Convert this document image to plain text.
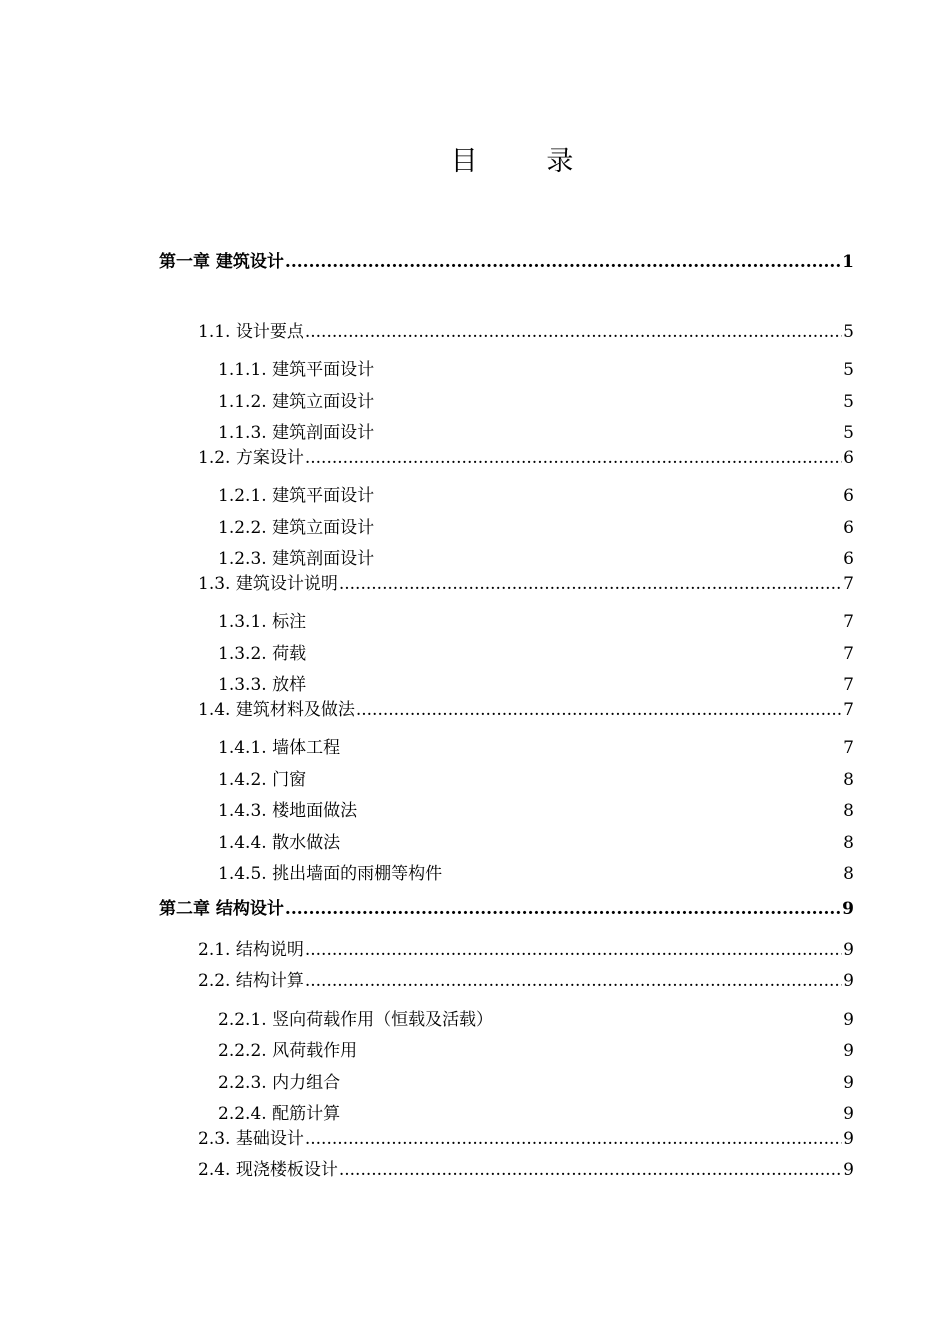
目        录
第一章 建筑设计 .....	1
1.1. 设计要点 .....	5
1.1.1. 建筑平面设计	5
1.1.2. 建筑立面设计	5
1.1.3. 建筑剖面设计	5
1.2. 方案设计 .....	6
1.2.1. 建筑平面设计	6
1.2.2. 建筑立面设计	6
1.2.3. 建筑剖面设计	6
1.3. 建筑设计说明 .....	7
1.3.1. 标注	7
1.3.2. 荷载	7
1.3.3. 放样	7
1.4. 建筑材料及做法 .....	7
1.4.1. 墙体工程	7
1.4.2. 门窗	8
1.4.3. 楼地面做法	8
1.4.4. 散水做法	8
1.4.5. 挑出墙面的雨棚等构件	8
第二章 结构设计 .....	9
2.1. 结构说明 .....	9
2.2. 结构计算 .....	9
2.2.1. 竖向荷载作用（恒载及活载）	9
2.2.2. 风荷载作用	9
2.2.3. 内力组合	9
2.2.4. 配筋计算	9
2.3. 基础设计 .....	9
2.4. 现浇楼板设计 .....	9
